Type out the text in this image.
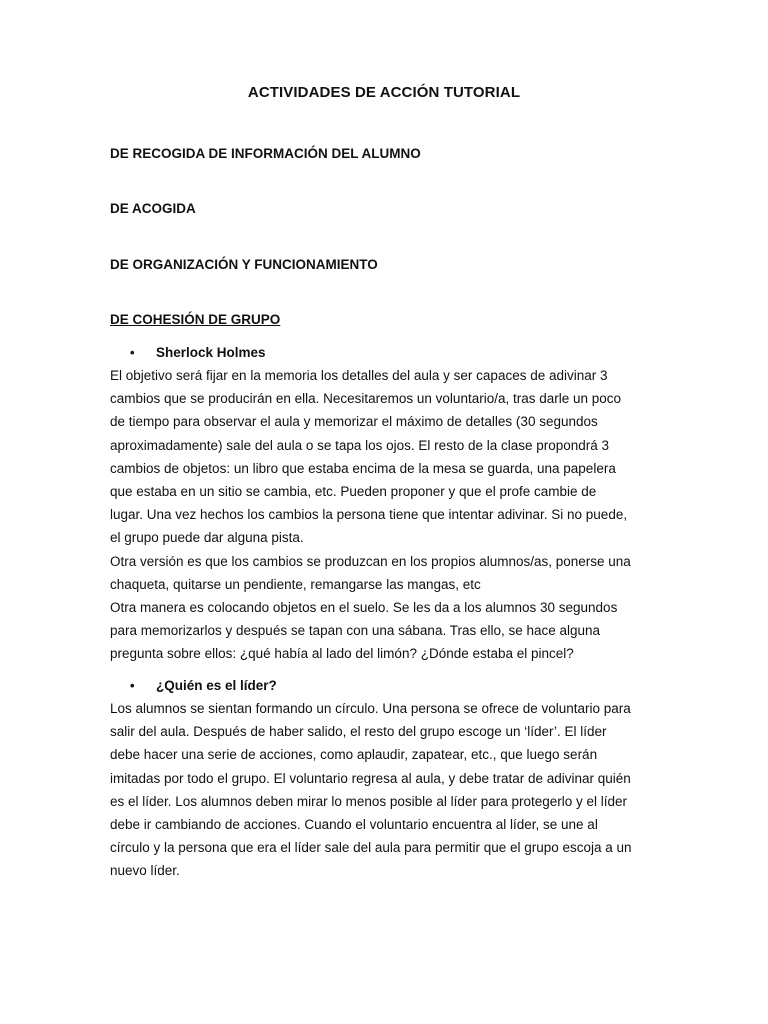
ACTIVIDADES DE ACCIÓN TUTORIAL
DE RECOGIDA DE INFORMACIÓN DEL ALUMNO
DE ACOGIDA
DE ORGANIZACIÓN Y FUNCIONAMIENTO
DE COHESIÓN DE GRUPO
• Sherlock Holmes
El objetivo será fijar en la memoria los detalles del aula y ser capaces de adivinar 3
cambios que se producirán en ella. Necesitaremos un voluntario/a, tras darle un poco
de tiempo para observar el aula y memorizar el máximo de detalles (30 segundos
aproximadamente) sale del aula o se tapa los ojos. El resto de la clase propondrá 3
cambios de objetos: un libro que estaba encima de la mesa se guarda, una papelera
que estaba en un sitio se cambia, etc. Pueden proponer y que el profe cambie de
lugar. Una vez hechos los cambios la persona tiene que intentar adivinar. Si no puede,
el grupo puede dar alguna pista.
Otra versión es que los cambios se produzcan en los propios alumnos/as, ponerse una
chaqueta, quitarse un pendiente, remangarse las mangas, etc
Otra manera es colocando objetos en el suelo. Se les da a los alumnos 30 segundos
para memorizarlos y después se tapan con una sábana. Tras ello, se hace alguna
pregunta sobre ellos: ¿qué había al lado del limón? ¿Dónde estaba el pincel?
• ¿Quién es el líder?
Los alumnos se sientan formando un círculo. Una persona se ofrece de voluntario para
salir del aula. Después de haber salido, el resto del grupo escoge un ‘líder’. El líder
debe hacer una serie de acciones, como aplaudir, zapatear, etc., que luego serán
imitadas por todo el grupo. El voluntario regresa al aula, y debe tratar de adivinar quién
es el líder. Los alumnos deben mirar lo menos posible al líder para protegerlo y el líder
debe ir cambiando de acciones. Cuando el voluntario encuentra al líder, se une al
círculo y la persona que era el líder sale del aula para permitir que el grupo escoja a un
nuevo líder.
